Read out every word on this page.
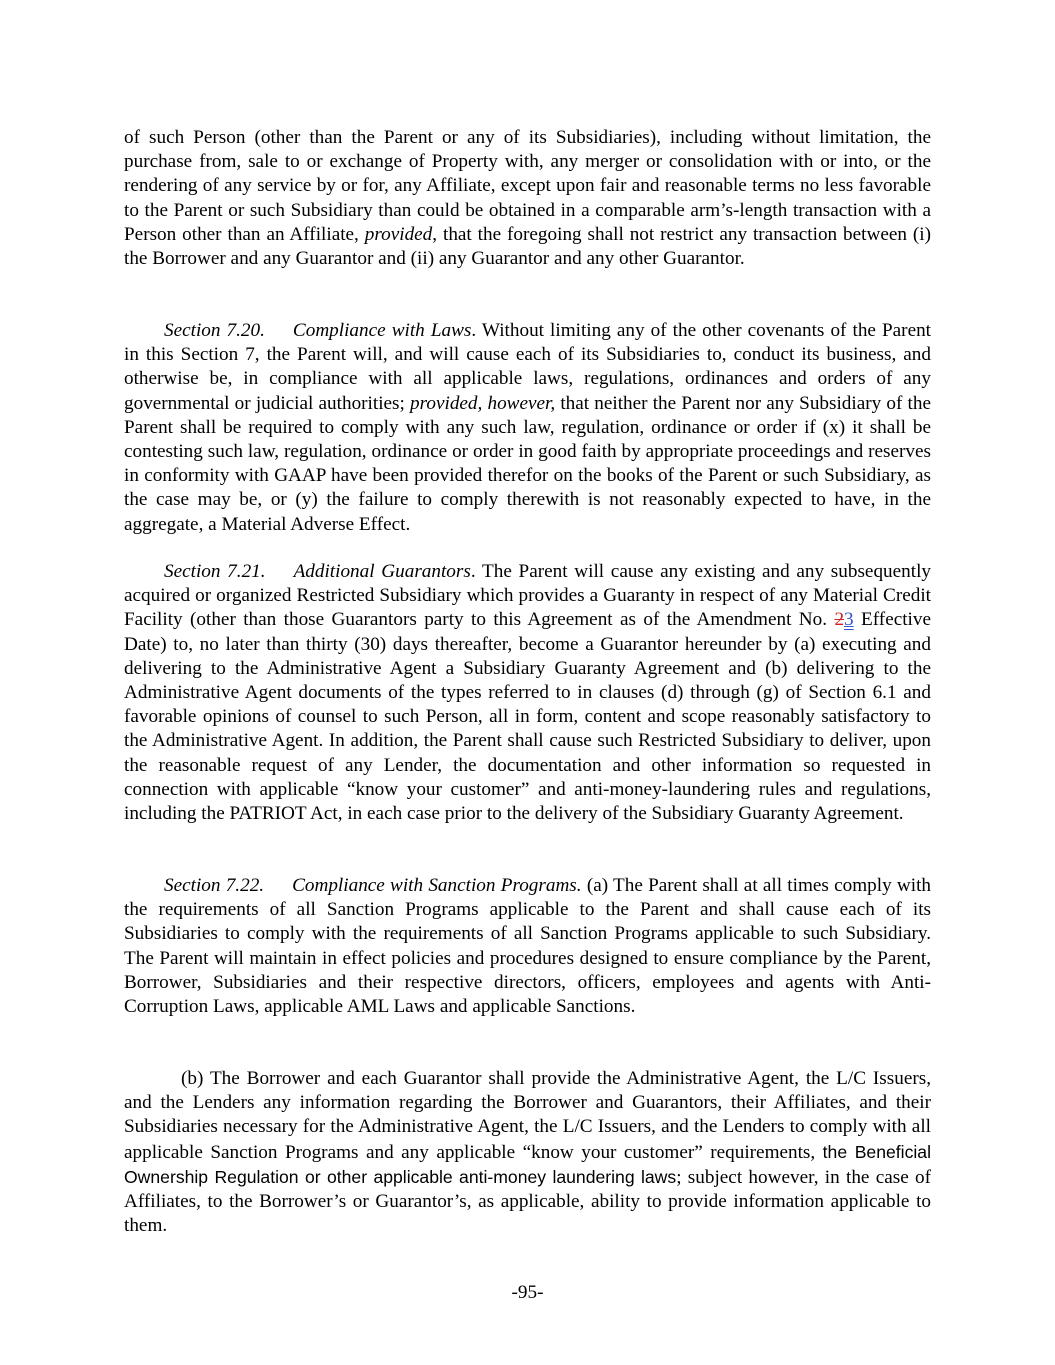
of such Person (other than the Parent or any of its Subsidiaries), including without limitation, the purchase from, sale to or exchange of Property with, any merger or consolidation with or into, or the rendering of any service by or for, any Affiliate, except upon fair and reasonable terms no less favorable to the Parent or such Subsidiary than could be obtained in a comparable arm’s-length transaction with a Person other than an Affiliate, provided, that the foregoing shall not restrict any transaction between (i) the Borrower and any Guarantor and (ii) any Guarantor and any other Guarantor.

Section 7.20. Compliance with Laws. Without limiting any of the other covenants of the Parent in this Section 7, the Parent will, and will cause each of its Subsidiaries to, conduct its business, and otherwise be, in compliance with all applicable laws, regulations, ordinances and orders of any governmental or judicial authorities; provided, however, that neither the Parent nor any Subsidiary of the Parent shall be required to comply with any such law, regulation, ordinance or order if (x) it shall be contesting such law, regulation, ordinance or order in good faith by appropriate proceedings and reserves in conformity with GAAP have been provided therefor on the books of the Parent or such Subsidiary, as the case may be, or (y) the failure to comply therewith is not reasonably expected to have, in the aggregate, a Material Adverse Effect.

Section 7.21. Additional Guarantors. The Parent will cause any existing and any subsequently acquired or organized Restricted Subsidiary which provides a Guaranty in respect of any Material Credit Facility (other than those Guarantors party to this Agreement as of the Amendment No. 23 Effective Date) to, no later than thirty (30) days thereafter, become a Guarantor hereunder by (a) executing and delivering to the Administrative Agent a Subsidiary Guaranty Agreement and (b) delivering to the Administrative Agent documents of the types referred to in clauses (d) through (g) of Section 6.1 and favorable opinions of counsel to such Person, all in form, content and scope reasonably satisfactory to the Administrative Agent. In addition, the Parent shall cause such Restricted Subsidiary to deliver, upon the reasonable request of any Lender, the documentation and other information so requested in connection with applicable “know your customer” and anti-money-laundering rules and regulations, including the PATRIOT Act, in each case prior to the delivery of the Subsidiary Guaranty Agreement.

Section 7.22. Compliance with Sanction Programs. (a) The Parent shall at all times comply with the requirements of all Sanction Programs applicable to the Parent and shall cause each of its Subsidiaries to comply with the requirements of all Sanction Programs applicable to such Subsidiary. The Parent will maintain in effect policies and procedures designed to ensure compliance by the Parent, Borrower, Subsidiaries and their respective directors, officers, employees and agents with Anti-Corruption Laws, applicable AML Laws and applicable Sanctions.

(b) The Borrower and each Guarantor shall provide the Administrative Agent, the L/C Issuers, and the Lenders any information regarding the Borrower and Guarantors, their Affiliates, and their Subsidiaries necessary for the Administrative Agent, the L/C Issuers, and the Lenders to comply with all applicable Sanction Programs and any applicable “know your customer” requirements, the Beneficial Ownership Regulation or other applicable anti-money laundering laws; subject however, in the case of Affiliates, to the Borrower’s or Guarantor’s, as applicable, ability to provide information applicable to them.

-95-
